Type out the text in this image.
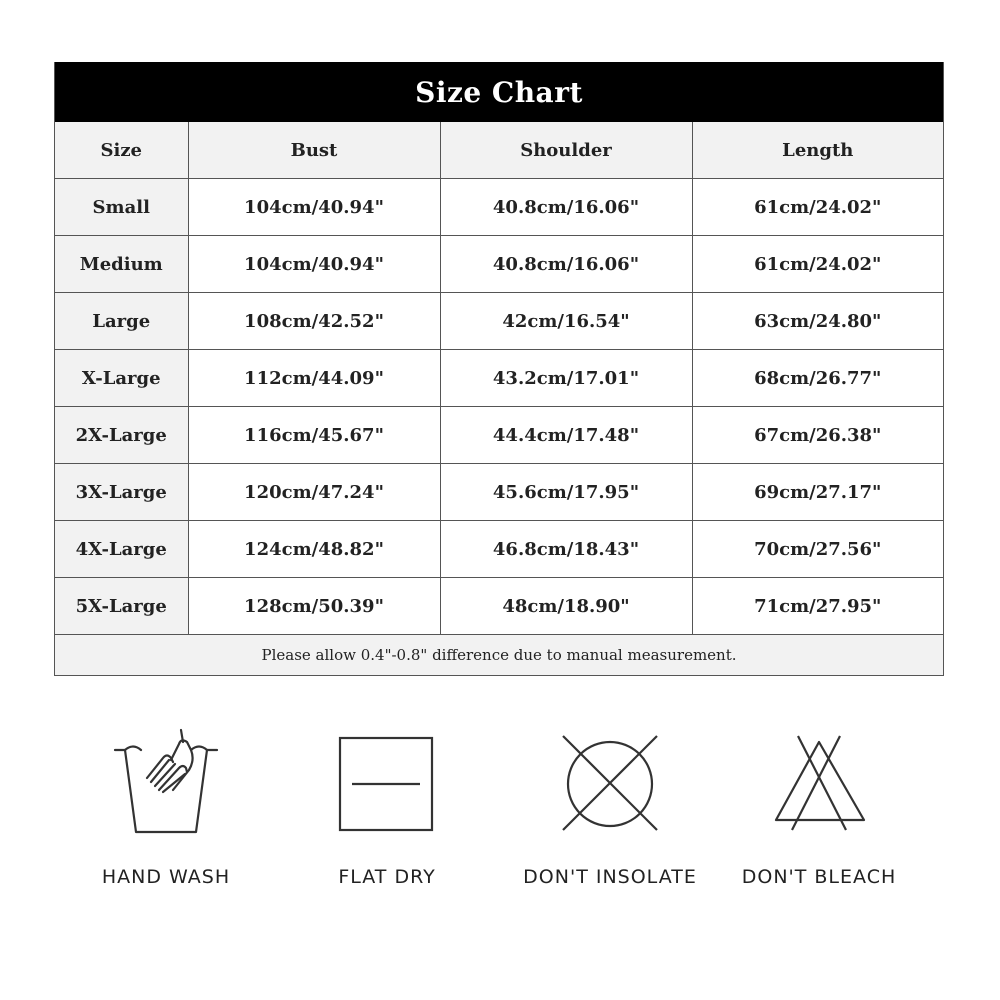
Size Chart
Size	Bust	Shoulder	Length
Small	104cm/40.94"	40.8cm/16.06"	61cm/24.02"
Medium	104cm/40.94"	40.8cm/16.06"	61cm/24.02"
Large	108cm/42.52"	42cm/16.54"	63cm/24.80"
X-Large	112cm/44.09"	43.2cm/17.01"	68cm/26.77"
2X-Large	116cm/45.67"	44.4cm/17.48"	67cm/26.38"
3X-Large	120cm/47.24"	45.6cm/17.95"	69cm/27.17"
4X-Large	124cm/48.82"	46.8cm/18.43"	70cm/27.56"
5X-Large	128cm/50.39"	48cm/18.90"	71cm/27.95"
Please allow 0.4"-0.8" difference due to manual measurement.			
HAND WASH	FLAT DRY	DON'T INSOLATE	DON'T BLEACH
